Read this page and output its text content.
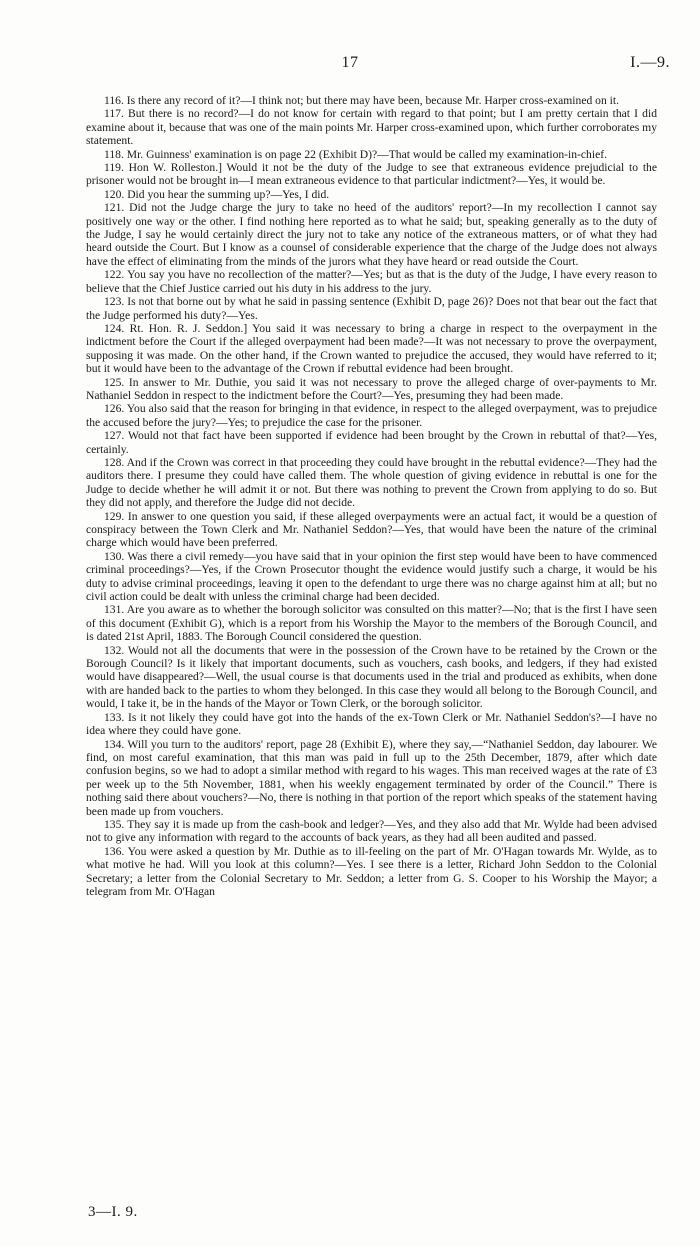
17	I.—9.

116. Is there any record of it?—I think not; but there may have been, because Mr. Harper cross-examined on it.

117. But there is no record?—I do not know for certain with regard to that point; but I am pretty certain that I did examine about it, because that was one of the main points Mr. Harper cross-examined upon, which further corroborates my statement.

118. Mr. Guinness' examination is on page 22 (Exhibit D)?—That would be called my examination-in-chief.

119. Hon W. Rolleston.] Would it not be the duty of the Judge to see that extraneous evidence prejudicial to the prisoner would not be brought in—I mean extraneous evidence to that particular indictment?—Yes, it would be.

120. Did you hear the summing up?—Yes, I did.

121. Did not the Judge charge the jury to take no heed of the auditors' report?—In my recollection I cannot say positively one way or the other. I find nothing here reported as to what he said; but, speaking generally as to the duty of the Judge, I say he would certainly direct the jury not to take any notice of the extraneous matters, or of what they had heard outside the Court. But I know as a counsel of considerable experience that the charge of the Judge does not always have the effect of eliminating from the minds of the jurors what they have heard or read outside the Court.

122. You say you have no recollection of the matter?—Yes; but as that is the duty of the Judge, I have every reason to believe that the Chief Justice carried out his duty in his address to the jury.

123. Is not that borne out by what he said in passing sentence (Exhibit D, page 26)? Does not that bear out the fact that the Judge performed his duty?—Yes.

124. Rt. Hon. R. J. Seddon.] You said it was necessary to bring a charge in respect to the overpayment in the indictment before the Court if the alleged overpayment had been made?—It was not necessary to prove the overpayment, supposing it was made. On the other hand, if the Crown wanted to prejudice the accused, they would have referred to it; but it would have been to the advantage of the Crown if rebuttal evidence had been brought.

125. In answer to Mr. Duthie, you said it was not necessary to prove the alleged charge of over-payments to Mr. Nathaniel Seddon in respect to the indictment before the Court?—Yes, presuming they had been made.

126. You also said that the reason for bringing in that evidence, in respect to the alleged overpayment, was to prejudice the accused before the jury?—Yes; to prejudice the case for the prisoner.

127. Would not that fact have been supported if evidence had been brought by the Crown in rebuttal of that?—Yes, certainly.

128. And if the Crown was correct in that proceeding they could have brought in the rebuttal evidence?—They had the auditors there. I presume they could have called them. The whole question of giving evidence in rebuttal is one for the Judge to decide whether he will admit it or not. But there was nothing to prevent the Crown from applying to do so. But they did not apply, and therefore the Judge did not decide.

129. In answer to one question you said, if these alleged overpayments were an actual fact, it would be a question of conspiracy between the Town Clerk and Mr. Nathaniel Seddon?—Yes, that would have been the nature of the criminal charge which would have been preferred.

130. Was there a civil remedy—you have said that in your opinion the first step would have been to have commenced criminal proceedings?—Yes, if the Crown Prosecutor thought the evidence would justify such a charge, it would be his duty to advise criminal proceedings, leaving it open to the defendant to urge there was no charge against him at all; but no civil action could be dealt with unless the criminal charge had been decided.

131. Are you aware as to whether the borough solicitor was consulted on this matter?—No; that is the first I have seen of this document (Exhibit G), which is a report from his Worship the Mayor to the members of the Borough Council, and is dated 21st April, 1883. The Borough Council considered the question.

132. Would not all the documents that were in the possession of the Crown have to be retained by the Crown or the Borough Council? Is it likely that important documents, such as vouchers, cash books, and ledgers, if they had existed would have disappeared?—Well, the usual course is that documents used in the trial and produced as exhibits, when done with are handed back to the parties to whom they belonged. In this case they would all belong to the Borough Council, and would, I take it, be in the hands of the Mayor or Town Clerk, or the borough solicitor.

133. Is it not likely they could have got into the hands of the ex-Town Clerk or Mr. Nathaniel Seddon's?—I have no idea where they could have gone.

134. Will you turn to the auditors' report, page 28 (Exhibit E), where they say,—“Nathaniel Seddon, day labourer. We find, on most careful examination, that this man was paid in full up to the 25th December, 1879, after which date confusion begins, so we had to adopt a similar method with regard to his wages. This man received wages at the rate of £3 per week up to the 5th November, 1881, when his weekly engagement terminated by order of the Council.” There is nothing said there about vouchers?—No, there is nothing in that portion of the report which speaks of the statement having been made up from vouchers.

135. They say it is made up from the cash-book and ledger?—Yes, and they also add that Mr. Wylde had been advised not to give any information with regard to the accounts of back years, as they had all been audited and passed.

136. You were asked a question by Mr. Duthie as to ill-feeling on the part of Mr. O'Hagan towards Mr. Wylde, as to what motive he had. Will you look at this column?—Yes. I see there is a letter, Richard John Seddon to the Colonial Secretary; a letter from the Colonial Secretary to Mr. Seddon; a letter from G. S. Cooper to his Worship the Mayor; a telegram from Mr. O'Hagan

3—I. 9.
